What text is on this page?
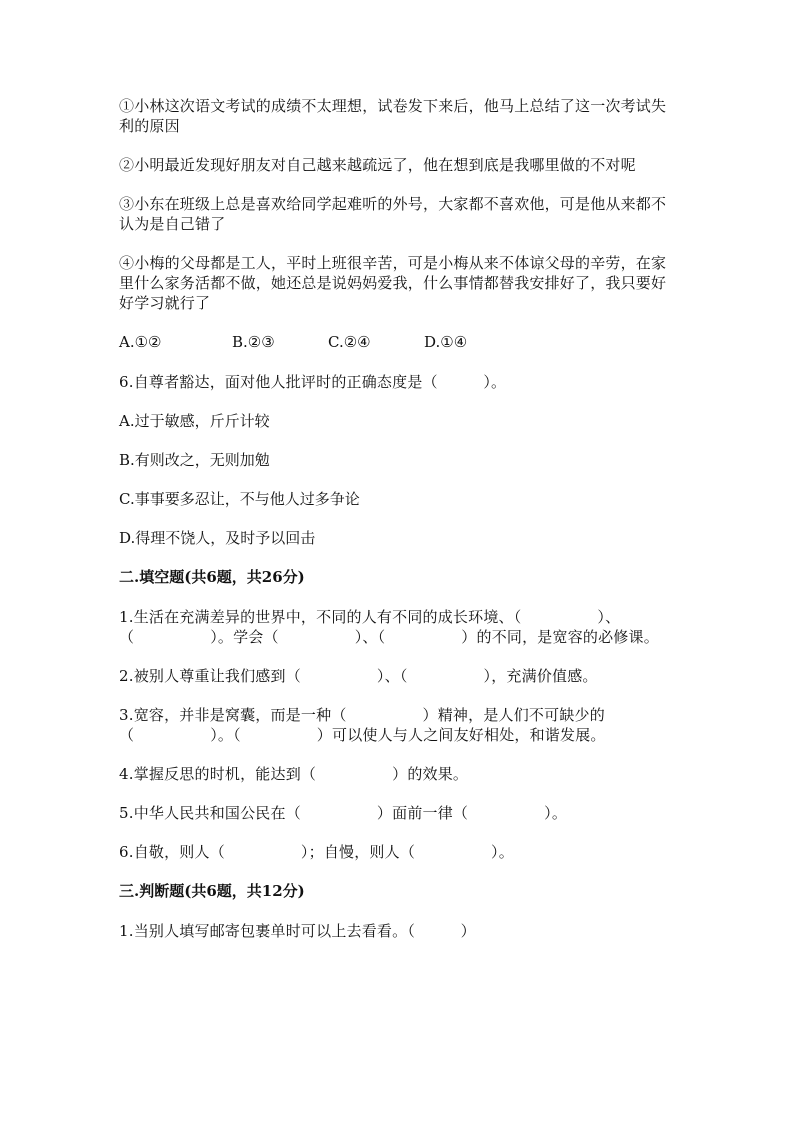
①小林这次语文考试的成绩不太理想，试卷发下来后，他马上总结了这一次考试失利的原因

②小明最近发现好朋友对自己越来越疏远了，他在想到底是我哪里做的不对呢

③小东在班级上总是喜欢给同学起难听的外号，大家都不喜欢他，可是他从来都不认为是自己错了

④小梅的父母都是工人，平时上班很辛苦，可是小梅从来不体谅父母的辛劳，在家里什么家务活都不做，她还总是说妈妈爱我，什么事情都替我安排好了，我只要好好学习就行了

A.①②	B.②③	C.②④	D.①④

6.自尊者豁达，面对他人批评时的正确态度是（　　　）。

A.过于敏感，斤斤计较

B.有则改之，无则加勉

C.事事要多忍让，不与他人过多争论

D.得理不饶人，及时予以回击

二.填空题(共6题，共26分)

1.生活在充满差异的世界中，不同的人有不同的成长环境、（　　　　　）、（　　　　　）。学会（　　　　　）、（　　　　　）的不同，是宽容的必修课。

2.被别人尊重让我们感到（　　　　　）、（　　　　　），充满价值感。

3.宽容，并非是窝囊，而是一种（　　　　　）精神，是人们不可缺少的（　　　　　）。（　　　　　）可以使人与人之间友好相处，和谐发展。

4.掌握反思的时机，能达到（　　　　　）的效果。

5.中华人民共和国公民在（　　　　　）面前一律（　　　　　）。

6.自敬，则人（　　　　　）；自慢，则人（　　　　　）。

三.判断题(共6题，共12分)

1.当别人填写邮寄包裹单时可以上去看看。（　　　）
